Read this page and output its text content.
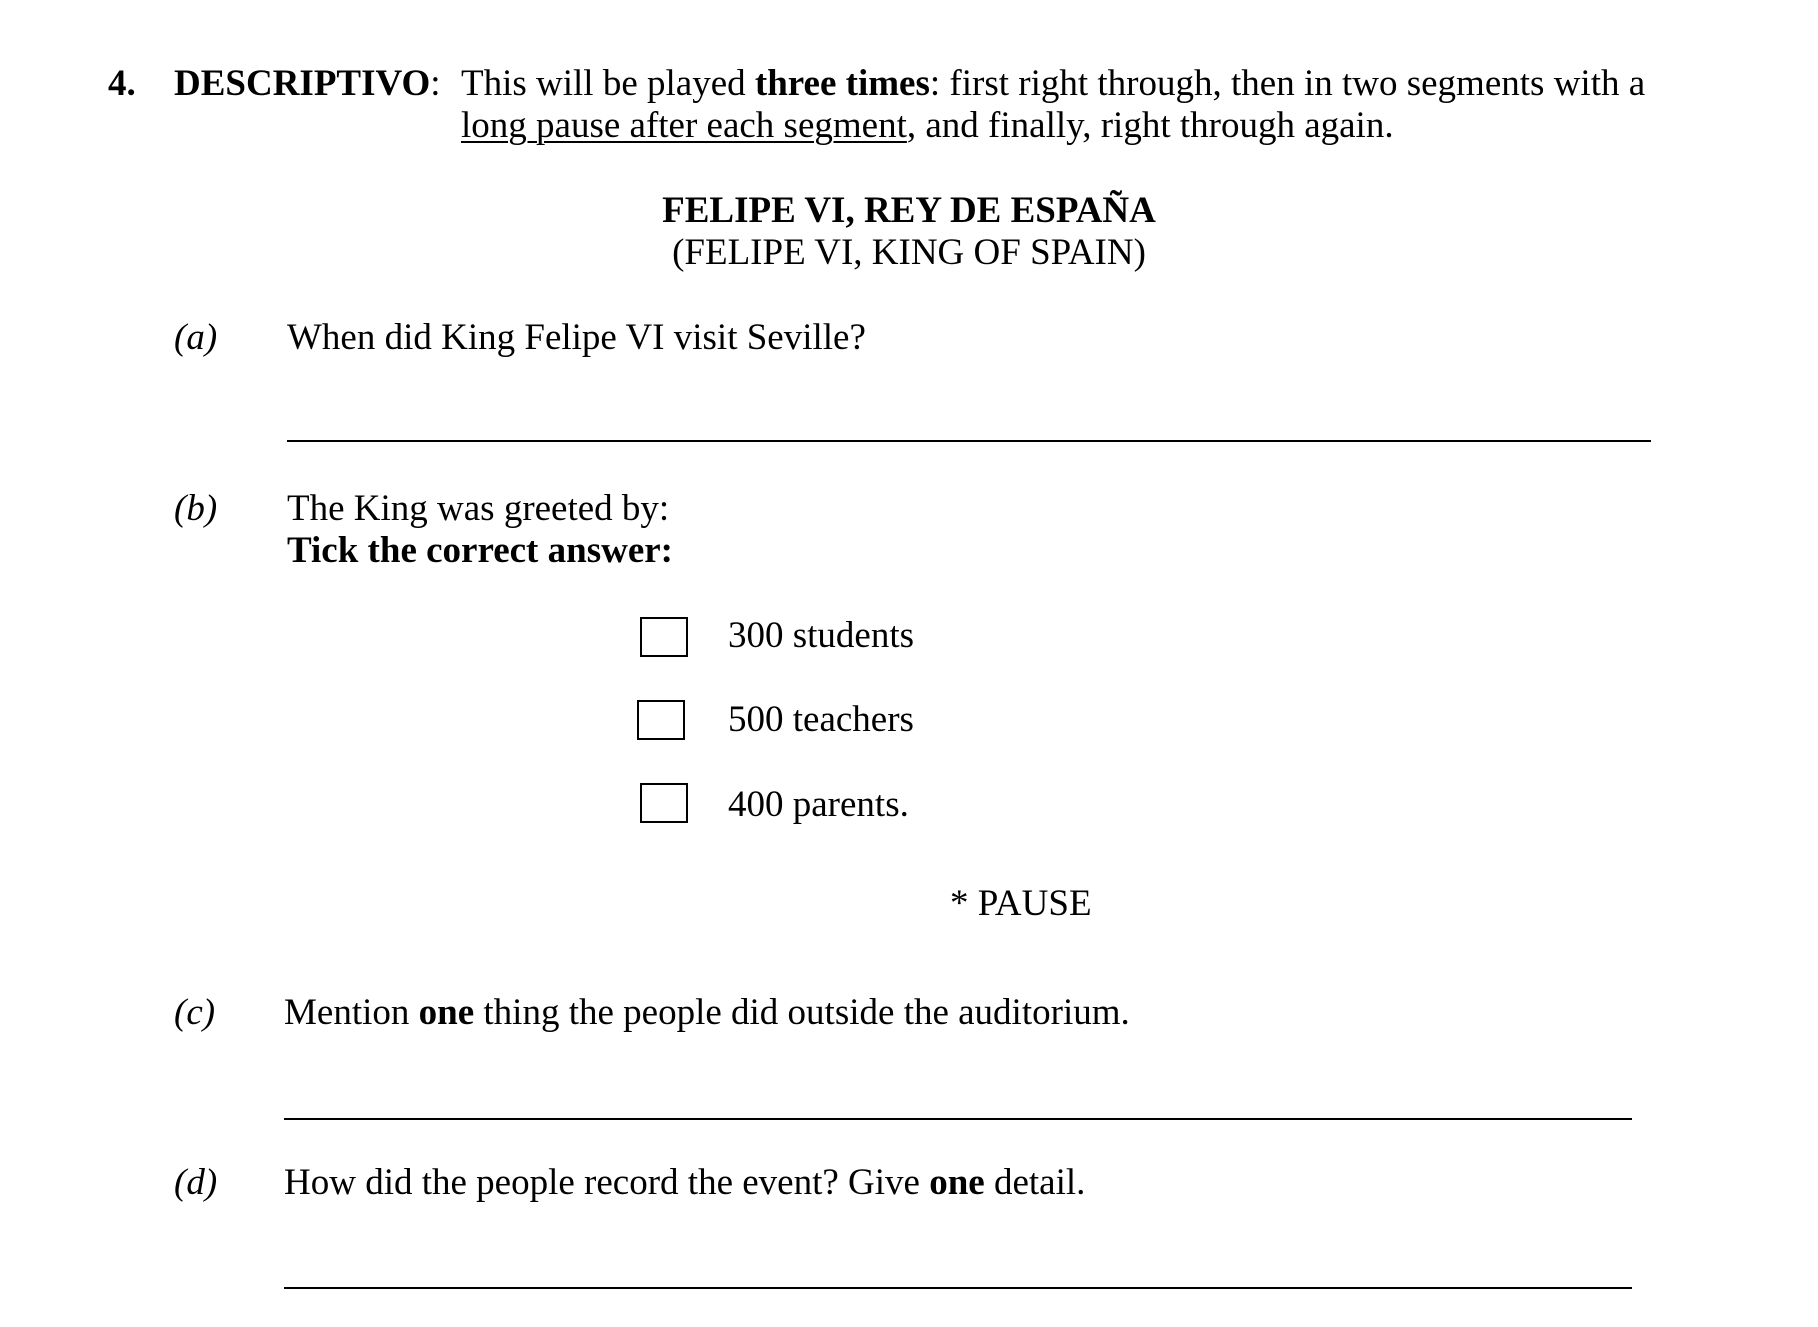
4. DESCRIPTIVO: This will be played three times: first right through, then in two segments with a
long pause after each segment, and finally, right through again.
FELIPE VI, REY DE ESPAÑA
(FELIPE VI, KING OF SPAIN)
(a) When did King Felipe VI visit Seville?
(b) The King was greeted by:
Tick the correct answer:
300 students
500 teachers
400 parents.
* PAUSE
(c) Mention one thing the people did outside the auditorium.
(d) How did the people record the event? Give one detail.
